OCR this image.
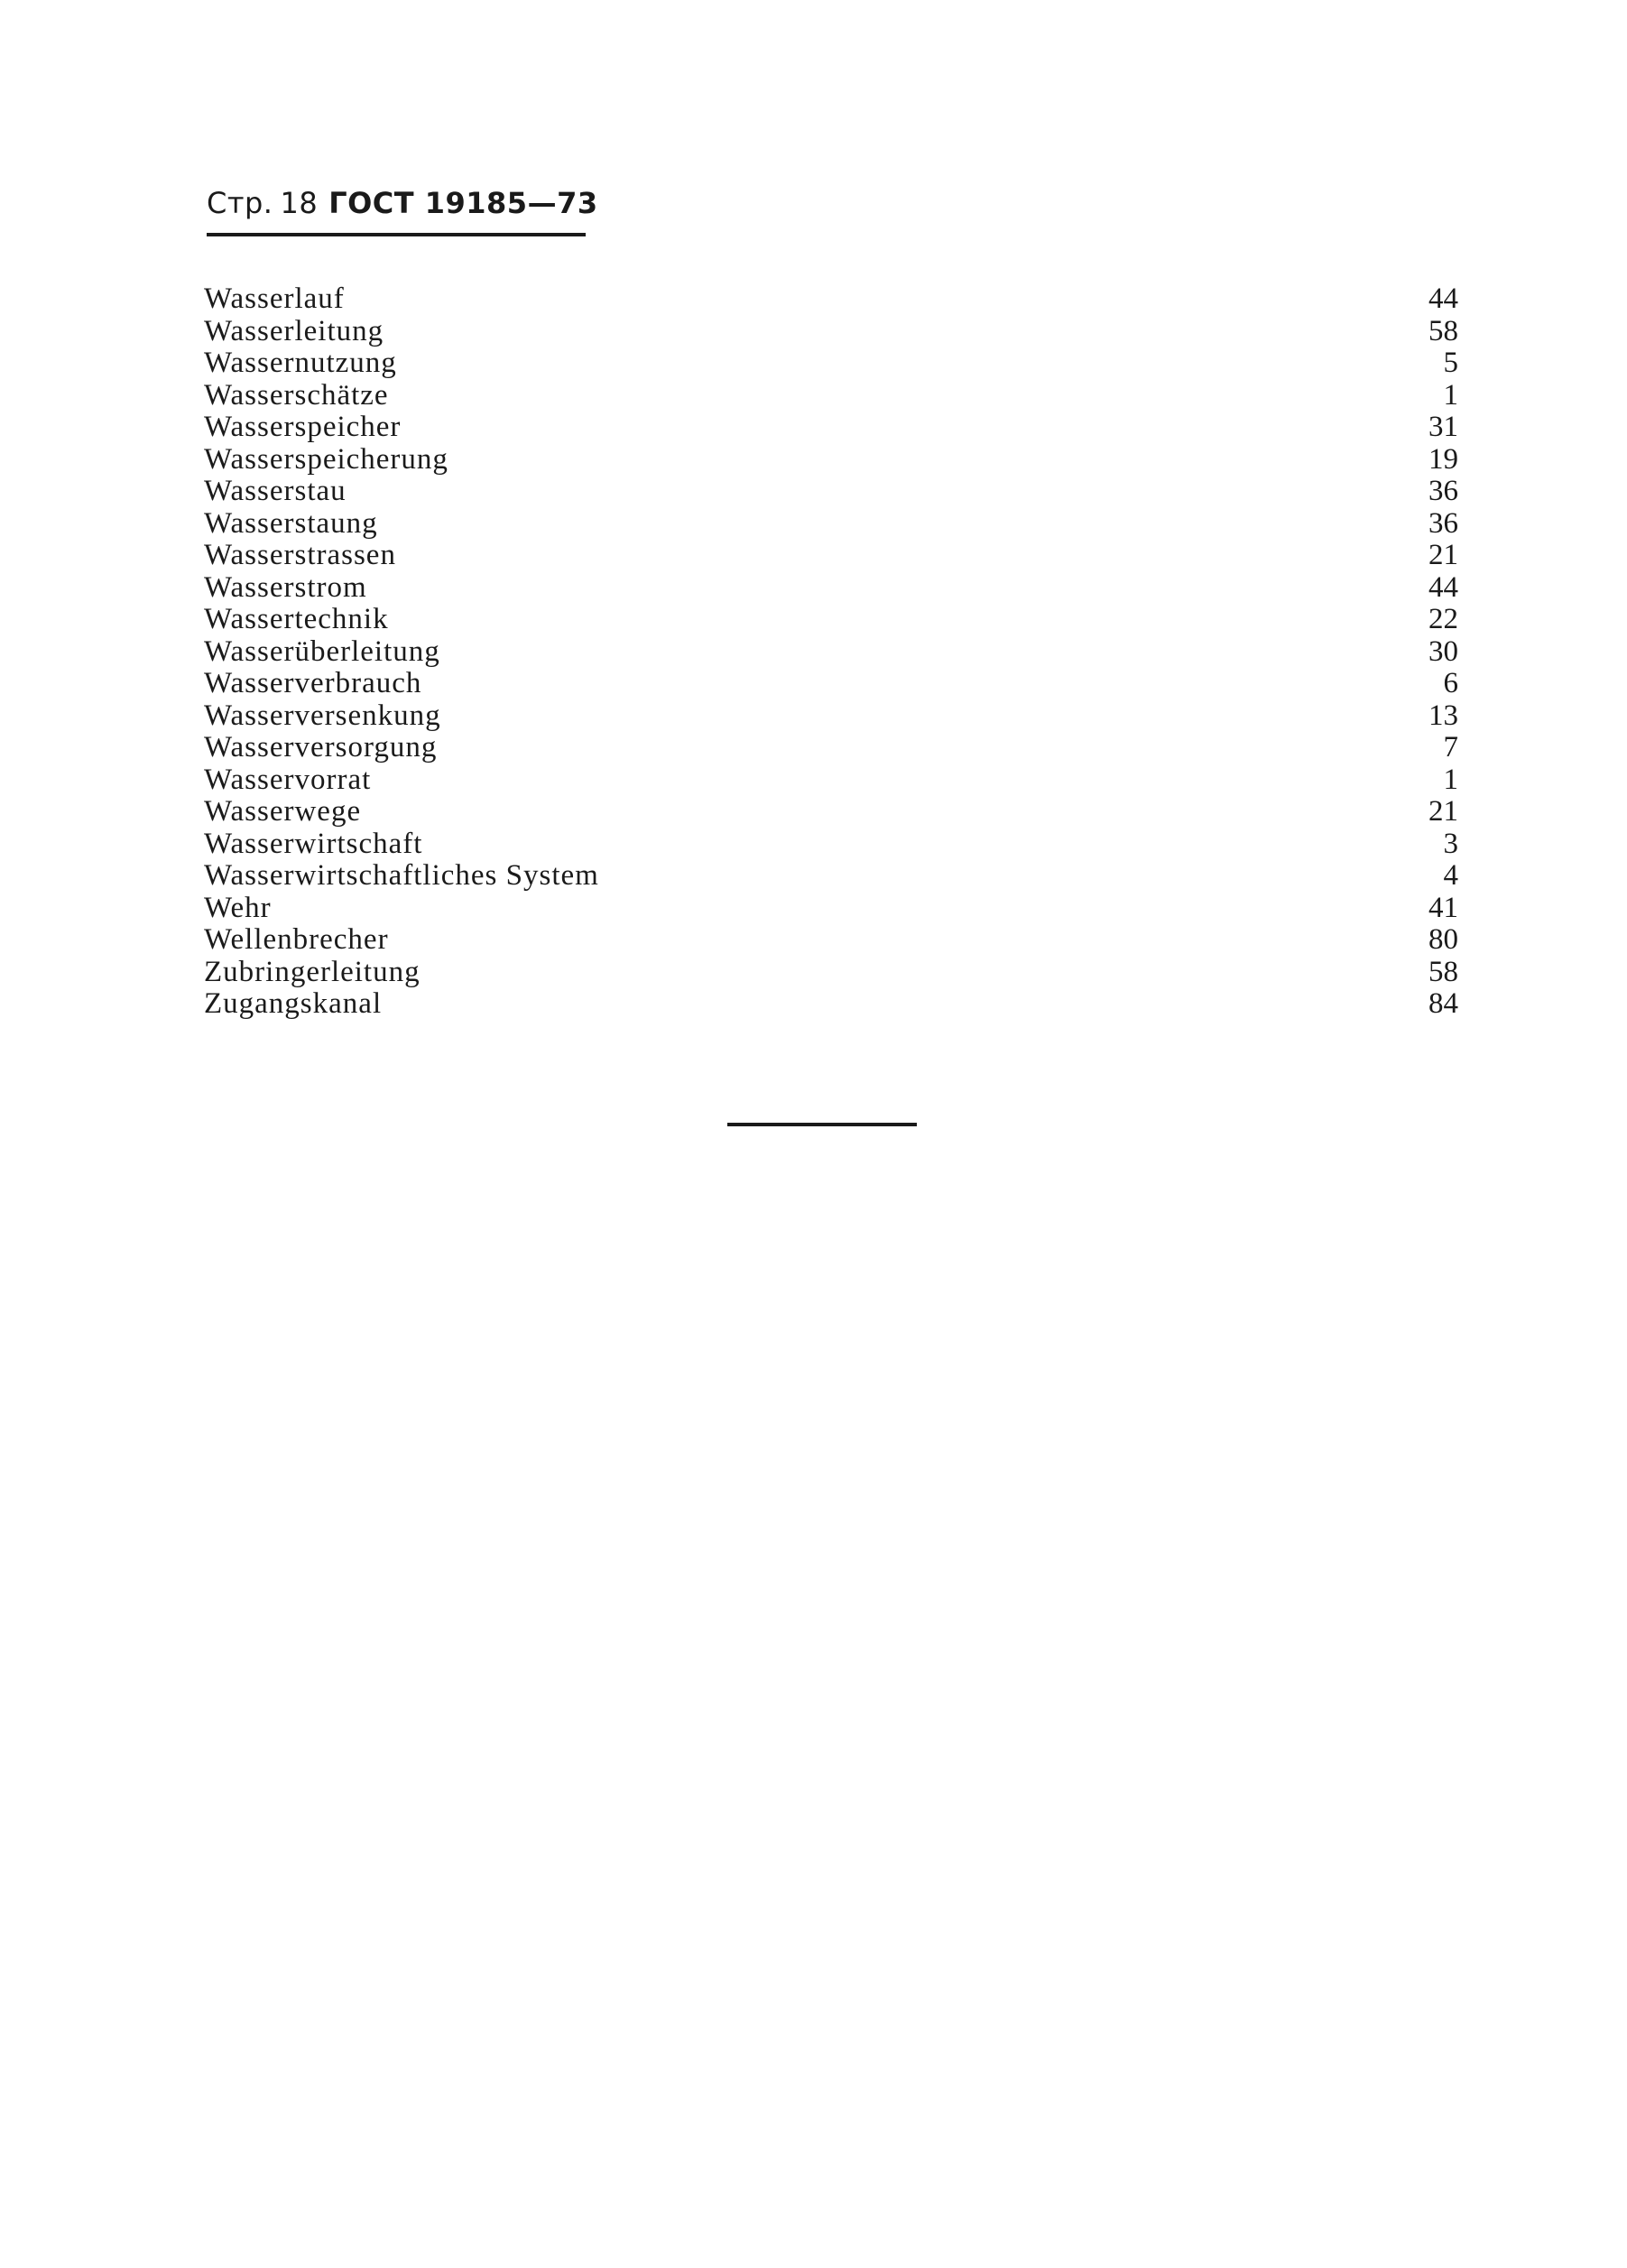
Стр. 18 ГОСТ 19185—73
Wasserlauf	44
Wasserleitung	58
Wassernutzung	5
Wasserschätze	1
Wasserspeicher	31
Wasserspeicherung	19
Wasserstau	36
Wasserstaung	36
Wasserstrassen	21
Wasserstrom	44
Wassertechnik	22
Wasserüberleitung	30
Wasserverbrauch	6
Wasserversenkung	13
Wasserversorgung	7
Wasservorrat	1
Wasserwege	21
Wasserwirtschaft	3
Wasserwirtschaftliches System	4
Wehr	41
Wellenbrecher	80
Zubringerleitung	58
Zugangskanal	84
